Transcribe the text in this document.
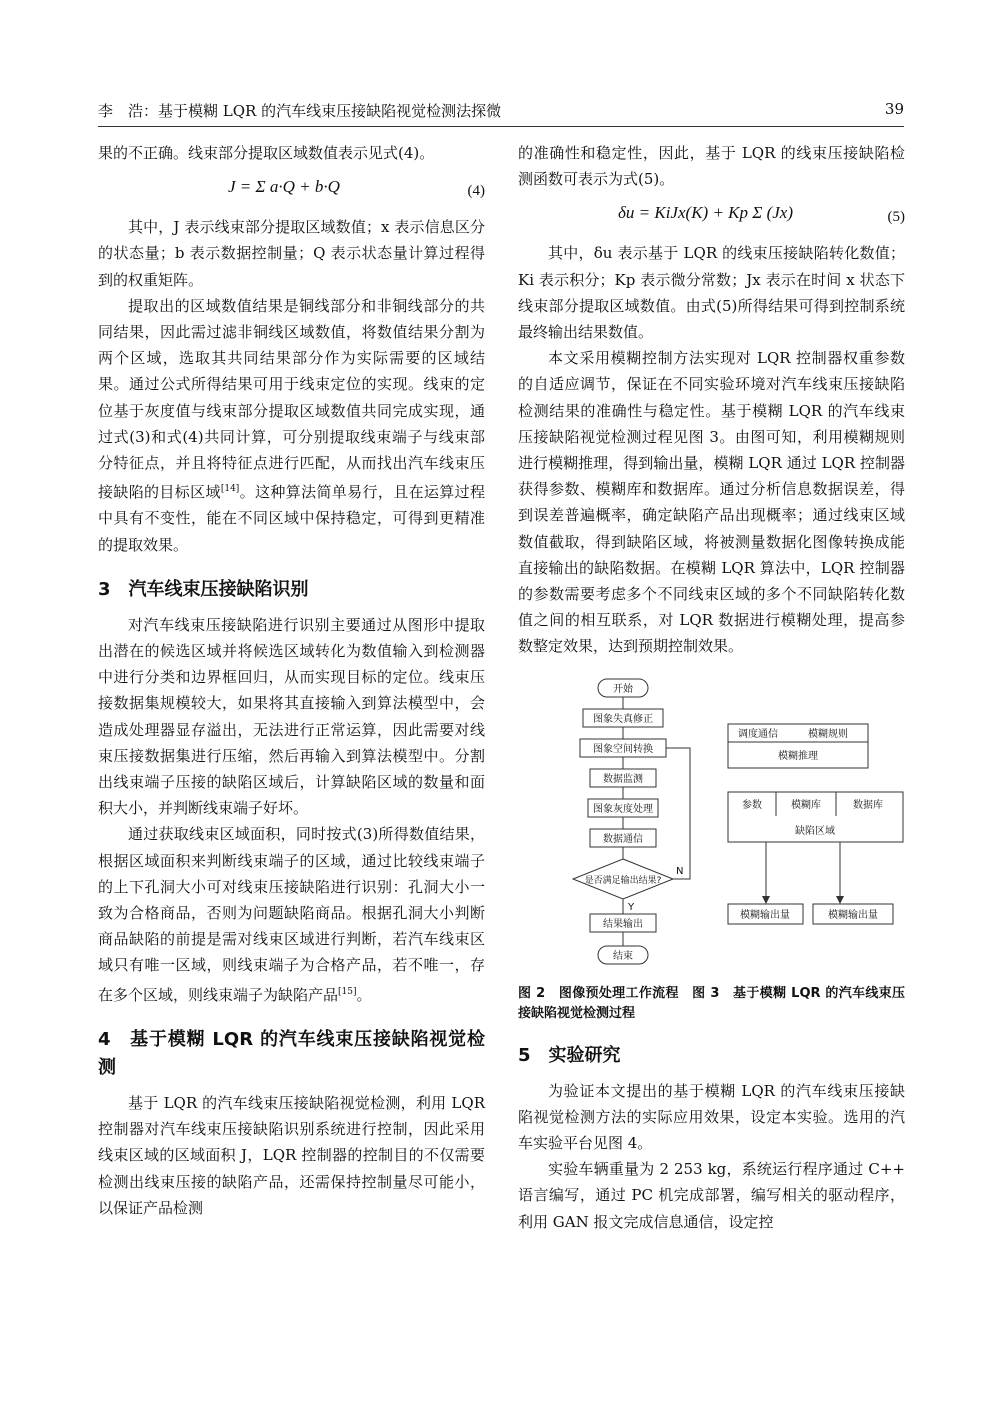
李　浩：基于模糊 LQR 的汽车线束压接缺陷视觉检测法探微	39

果的不正确。线束部分提取区域数值表示见式(4)。

J = Σ a·Q + b·Q	(4)

其中，J 表示线束部分提取区域数值；x 表示信息区分的状态量；b 表示数据控制量；Q 表示状态量计算过程得到的权重矩阵。

提取出的区域数值结果是铜线部分和非铜线部分的共同结果，因此需过滤非铜线区域数值，将数值结果分割为两个区域，选取其共同结果部分作为实际需要的区域结果。通过公式所得结果可用于线束定位的实现。线束的定位基于灰度值与线束部分提取区域数值共同完成实现，通过式(3)和式(4)共同计算，可分别提取线束端子与线束部分特征点，并且将特征点进行匹配，从而找出汽车线束压接缺陷的目标区域[14]。这种算法简单易行，且在运算过程中具有不变性，能在不同区域中保持稳定，可得到更精准的提取效果。

3　汽车线束压接缺陷识别

对汽车线束压接缺陷进行识别主要通过从图形中提取出潜在的候选区域并将候选区域转化为数值输入到检测器中进行分类和边界框回归，从而实现目标的定位。线束压接数据集规模较大，如果将其直接输入到算法模型中，会造成处理器显存溢出，无法进行正常运算，因此需要对线束压接数据集进行压缩，然后再输入到算法模型中。分割出线束端子压接的缺陷区域后，计算缺陷区域的数量和面积大小，并判断线束端子好坏。

通过获取线束区域面积，同时按式(3)所得数值结果，根据区域面积来判断线束端子的区域，通过比较线束端子的上下孔洞大小可对线束压接缺陷进行识别：孔洞大小一致为合格商品，否则为问题缺陷商品。根据孔洞大小判断商品缺陷的前提是需对线束区域进行判断，若汽车线束区域只有唯一区域，则线束端子为合格产品，若不唯一，存在多个区域，则线束端子为缺陷产品[15]。

4　基于模糊 LQR 的汽车线束压接缺陷视觉检测

基于 LQR 的汽车线束压接缺陷视觉检测，利用 LQR 控制器对汽车线束压接缺陷识别系统进行控制，因此采用线束区域的区域面积 J，LQR 控制器的控制目的不仅需要检测出线束压接的缺陷产品，还需保持控制量尽可能小，以保证产品检测

的准确性和稳定性，因此，基于 LQR 的线束压接缺陷检测函数可表示为式(5)。

δu = KiJx(K) + Kp Σ (Jx)	(5)

其中，δu 表示基于 LQR 的线束压接缺陷转化数值；Ki 表示积分；Kp 表示微分常数；Jx 表示在时间 x 状态下线束部分提取区域数值。由式(5)所得结果可得到控制系统最终输出结果数值。

本文采用模糊控制方法实现对 LQR 控制器权重参数的自适应调节，保证在不同实验环境对汽车线束压接缺陷检测结果的准确性与稳定性。基于模糊 LQR 的汽车线束压接缺陷视觉检测过程见图 3。由图可知，利用模糊规则进行模糊推理，得到输出量，模糊 LQR 通过 LQR 控制器获得参数、模糊库和数据库。通过分析信息数据误差，得到误差普遍概率，确定缺陷产品出现概率；通过线束区域数值截取，得到缺陷区域，将被测量数据化图像转换成能直接输出的缺陷数据。在模糊 LQR 算法中，LQR 控制器的参数需要考虑多个不同线束区域的多个不同缺陷转化数值之间的相互联系，对 LQR 数据进行模糊处理，提高参数整定效果，达到预期控制效果。

开始
图象失真修正
图象空间转换
数据监测
图象灰度处理
数据通信
是否满足输出结果?
N
Y
结果输出
结束
调度通信	模糊规则
模糊推理
参数	模糊库	数据库
缺陷区域
模糊输出量	模糊输出量
图 2　图像预处理工作流程　图 3　基于模糊 LQR 的汽车线束压接缺陷视觉检测过程
5　实验研究

为验证本文提出的基于模糊 LQR 的汽车线束压接缺陷视觉检测方法的实际应用效果，设定本实验。选用的汽车实验平台见图 4。

实验车辆重量为 2 253 kg，系统运行程序通过 C++ 语言编写，通过 PC 机完成部署，编写相关的驱动程序，利用 GAN 报文完成信息通信，设定控
